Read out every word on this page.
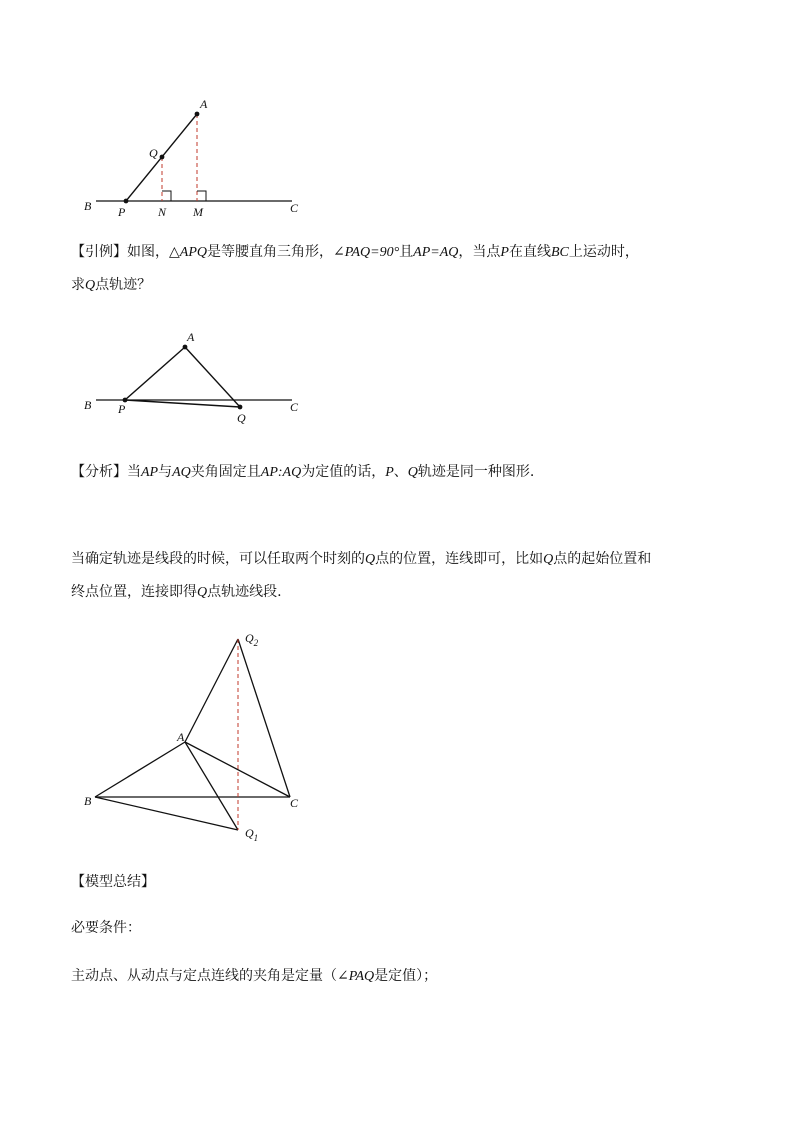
A
Q
B P	N M	C
【引例】如图，△APQ是等腰直角三角形，∠PAQ=90°且AP=AQ，当点P在直线BC上运动时，
求Q点轨迹？
A
B P
Q
C
【分析】当AP与AQ夹角固定且AP:AQ为定值的话，P、Q轨迹是同一种图形.
当确定轨迹是线段的时候，可以任取两个时刻的Q点的位置，连线即可，比如Q点的起始位置和
终点位置，连接即得Q点轨迹线段.
$Q_2$
A
B	C
$Q_1$
【模型总结】
必要条件：
主动点、从动点与定点连线的夹角是定量（∠PAQ是定值）；
